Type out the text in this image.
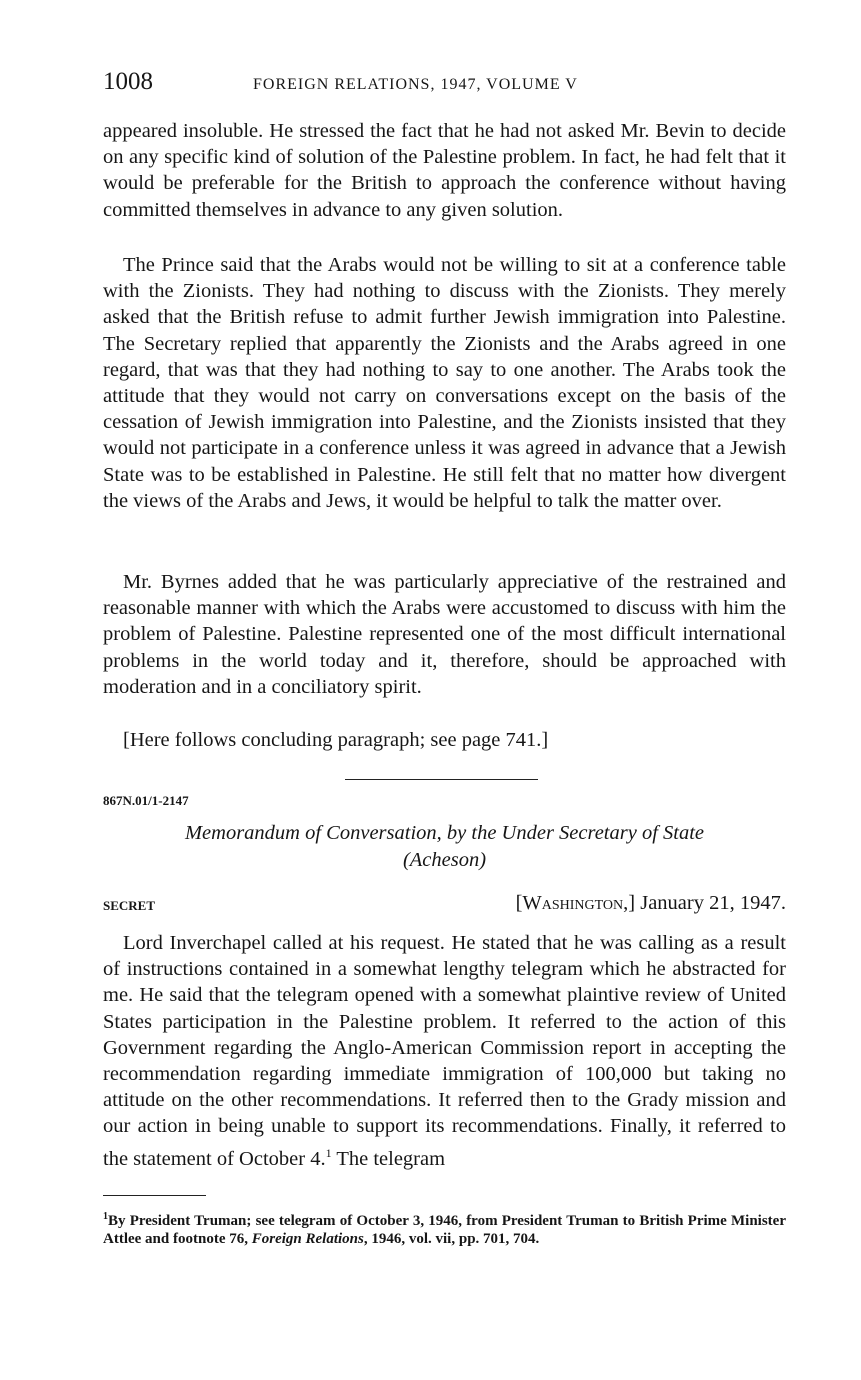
1008	FOREIGN RELATIONS, 1947, VOLUME V

appeared insoluble. He stressed the fact that he had not asked Mr. Bevin to decide on any specific kind of solution of the Palestine problem. In fact, he had felt that it would be preferable for the British to approach the conference without having committed themselves in advance to any given solution.

The Prince said that the Arabs would not be willing to sit at a conference table with the Zionists. They had nothing to discuss with the Zionists. They merely asked that the British refuse to admit further Jewish immigration into Palestine. The Secretary replied that apparently the Zionists and the Arabs agreed in one regard, that was that they had nothing to say to one another. The Arabs took the attitude that they would not carry on conversations except on the basis of the cessation of Jewish immigration into Palestine, and the Zionists insisted that they would not participate in a conference unless it was agreed in advance that a Jewish State was to be established in Palestine. He still felt that no matter how divergent the views of the Arabs and Jews, it would be helpful to talk the matter over.

Mr. Byrnes added that he was particularly appreciative of the restrained and reasonable manner with which the Arabs were accustomed to discuss with him the problem of Palestine. Palestine represented one of the most difficult international problems in the world today and it, therefore, should be approached with moderation and in a conciliatory spirit.

[Here follows concluding paragraph; see page 741.]

867N.01/1-2147
Memorandum of Conversation, by the Under Secretary of State
(Acheson)
SECRET	[Washington,] January 21, 1947.

Lord Inverchapel called at his request. He stated that he was calling as a result of instructions contained in a somewhat lengthy telegram which he abstracted for me. He said that the telegram opened with a somewhat plaintive review of United States participation in the Palestine problem. It referred to the action of this Government regarding the Anglo-American Commission report in accepting the recommendation regarding immediate immigration of 100,000 but taking no attitude on the other recommendations. It referred then to the Grady mission and our action in being unable to support its recommendations. Finally, it referred to the statement of October 4.$^1$ The telegram

$^1$By President Truman; see telegram of October 3, 1946, from President Truman to British Prime Minister Attlee and footnote 76, Foreign Relations, 1946, vol. vii, pp. 701, 704.
